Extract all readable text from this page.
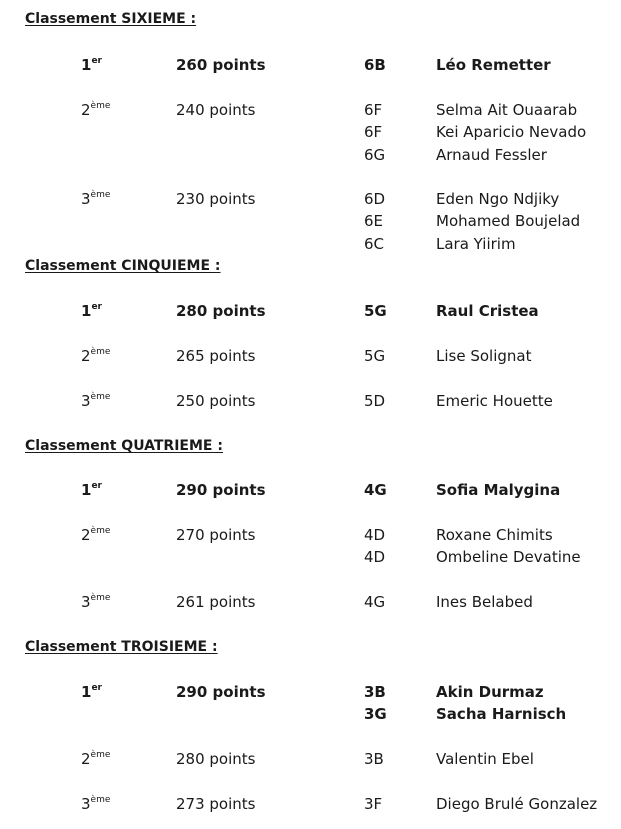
Classement SIXIEME :
1er	260 points	6B	Léo Remetter
2ème	240 points	6F	Selma Ait Ouaarab
6F	Kei Aparicio Nevado
6G	Arnaud Fessler
3ème	230 points	6D	Eden Ngo Ndjiky
6E	Mohamed Boujelad
6C	Lara Yiirim
Classement CINQUIEME :
1er	280 points	5G	Raul Cristea
2ème	265 points	5G	Lise Solignat
3ème	250 points	5D	Emeric Houette
Classement QUATRIEME :
1er	290 points	4G	Sofia Malygina
2ème	270 points	4D	Roxane Chimits
4D	Ombeline Devatine
3ème	261 points	4G	Ines Belabed
Classement TROISIEME :
1er	290 points	3B	Akin Durmaz
3G	Sacha Harnisch
2ème	280 points	3B	Valentin Ebel
3ème	273 points	3F	Diego Brulé Gonzalez
